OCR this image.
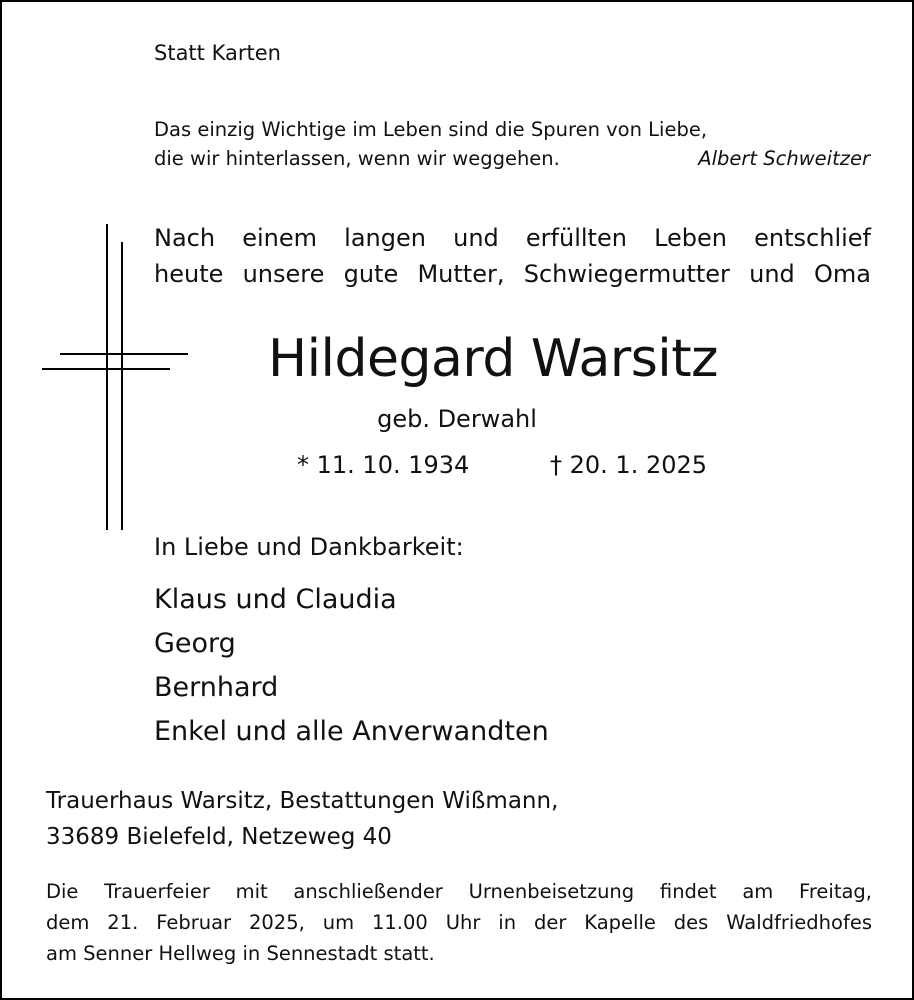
Statt Karten
Das einzig Wichtige im Leben sind die Spuren von Liebe,
die wir hinterlassen, wenn wir weggehen.	Albert Schweitzer
Nach einem langen und erfüllten Leben entschlief
heute unsere gute Mutter, Schwiegermutter und Oma
Hildegard Warsitz
geb. Derwahl
* 11. 10. 1934	† 20. 1. 2025
In Liebe und Dankbarkeit:
Klaus und Claudia
Georg
Bernhard
Enkel und alle Anverwandten
Trauerhaus Warsitz, Bestattungen Wißmann,
33689 Bielefeld, Netzeweg 40
Die Trauerfeier mit anschließender Urnenbeisetzung findet am Freitag,
dem 21. Februar 2025, um 11.00 Uhr in der Kapelle des Waldfriedhofes
am Senner Hellweg in Sennestadt statt.
